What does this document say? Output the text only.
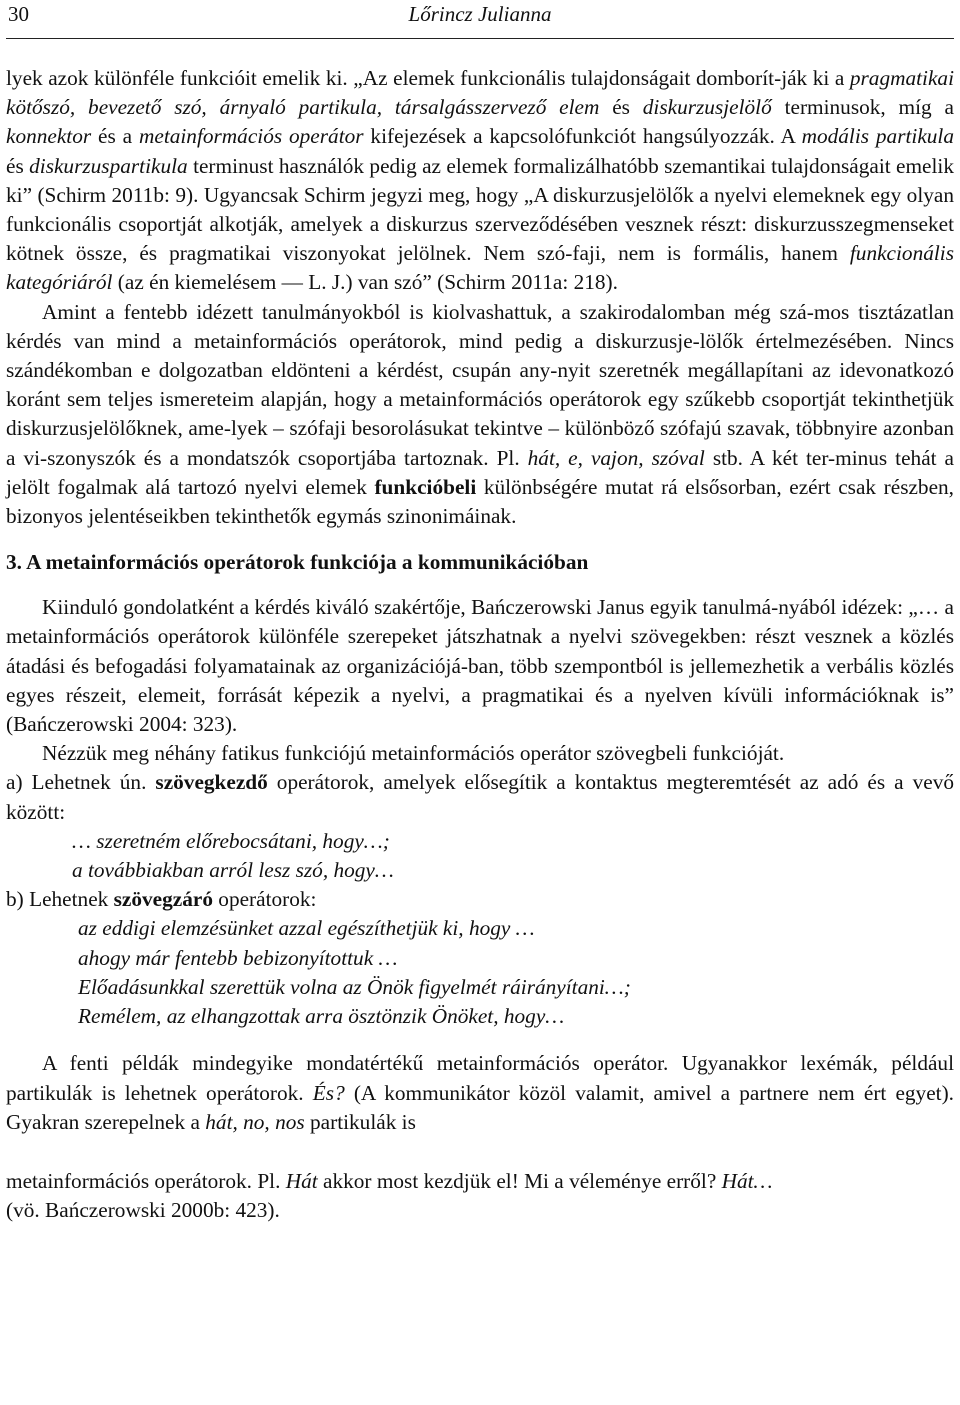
30	Lőrincz Julianna

lyek azok különféle funkcióit emelik ki. „Az elemek funkcionális tulajdonságait domborít-ják ki a pragmatikai kötőszó, bevezető szó, árnyaló partikula, társalgásszervező elem és diskurzusjelölő terminusok, míg a konnektor és a metainformációs operátor kifejezések a kapcsolófunkciót hangsúlyozzák. A modális partikula és diskurzuspartikula terminust használók pedig az elemek formalizálhatóbb szemantikai tulajdonságait emelik ki” (Schirm 2011b: 9). Ugyancsak Schirm jegyzi meg, hogy „A diskurzusjelölők a nyelvi elemeknek egy olyan funkcionális csoportját alkotják, amelyek a diskurzus szerveződésében vesznek részt: diskurzusszegmenseket kötnek össze, és pragmatikai viszonyokat jelölnek. Nem szó-faji, nem is formális, hanem funkcionális kategóriáról (az én kiemelésem — L. J.) van szó” (Schirm 2011a: 218).

Amint a fentebb idézett tanulmányokból is kiolvashattuk, a szakirodalomban még szá-mos tisztázatlan kérdés van mind a metainformációs operátorok, mind pedig a diskurzusje-lölők értelmezésében. Nincs szándékomban e dolgozatban eldönteni a kérdést, csupán any-nyit szeretnék megállapítani az idevonatkozó koránt sem teljes ismereteim alapján, hogy a metainformációs operátorok egy szűkebb csoportját tekinthetjük diskurzusjelölőknek, ame-lyek – szófaji besorolásukat tekintve – különböző szófajú szavak, többnyire azonban a vi-szonyszók és a mondatszók csoportjába tartoznak. Pl. hát, e, vajon, szóval stb. A két ter-minus tehát a jelölt fogalmak alá tartozó nyelvi elemek funkcióbeli különbségére mutat rá elsősorban, ezért csak részben, bizonyos jelentéseikben tekinthetők egymás szinonimáinak.

3. A metainformációs operátorok funkciója a kommunikációban

Kiinduló gondolatként a kérdés kiváló szakértője, Bańczerowski Janus egyik tanulmá-nyából idézek: „… a metainformációs operátorok különféle szerepeket játszhatnak a nyelvi szövegekben: részt vesznek a közlés átadási és befogadási folyamatainak az organizációjá-ban, több szempontból is jellemezhetik a verbális közlés egyes részeit, elemeit, forrását képezik a nyelvi, a pragmatikai és a nyelven kívüli információknak is” (Bańczerowski 2004: 323).

Nézzük meg néhány fatikus funkciójú metainformációs operátor szövegbeli funkcióját.

a) Lehetnek ún. szövegkezdő operátorok, amelyek elősegítik a kontaktus megteremtését az adó és a vevő között:

… szeretném előrebocsátani, hogy…;
a továbbiakban arról lesz szó, hogy…

b) Lehetnek szövegzáró operátorok:

az eddigi elemzésünket azzal egészíthetjük ki, hogy …
ahogy már fentebb bebizonyítottuk …
Előadásunkkal szerettük volna az Önök figyelmét ráirányítani…;
Remélem, az elhangzottak arra ösztönzik Önöket, hogy…

A fenti példák mindegyike mondatértékű metainformációs operátor. Ugyanakkor lexémák, például partikulák is lehetnek operátorok. És? (A kommunikátor közöl valamit, amivel a partnere nem ért egyet). Gyakran szerepelnek a hát, no, nos partikulák is

metainformációs operátorok. Pl. Hát akkor most kezdjük el! Mi a véleménye erről? Hát…
(vö. Bańczerowski 2000b: 423).
